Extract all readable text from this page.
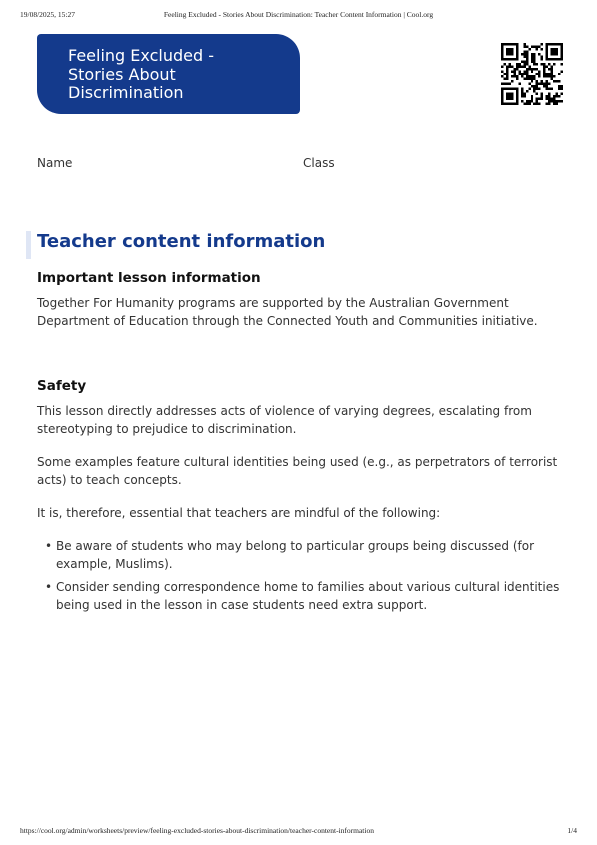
19/08/2025, 15:27	Feeling Excluded - Stories About Discrimination: Teacher Content Information | Cool.org
Feeling Excluded -
Stories About
Discrimination
Name	Class
Teacher content information
Important lesson information

Together For Humanity programs are supported by the Australian Government Department of Education through the Connected Youth and Communities initiative.

Safety

This lesson directly addresses acts of violence of varying degrees, escalating from stereotyping to prejudice to discrimination.

Some examples feature cultural identities being used (e.g., as perpetrators of terrorist acts) to teach concepts.

It is, therefore, essential that teachers are mindful of the following:

• Be aware of students who may belong to particular groups being discussed (for example, Muslims).
• Consider sending correspondence home to families about various cultural identities being used in the lesson in case students need extra support.
https://cool.org/admin/worksheets/preview/feeling-excluded-stories-about-discrimination/teacher-content-information	1/4
